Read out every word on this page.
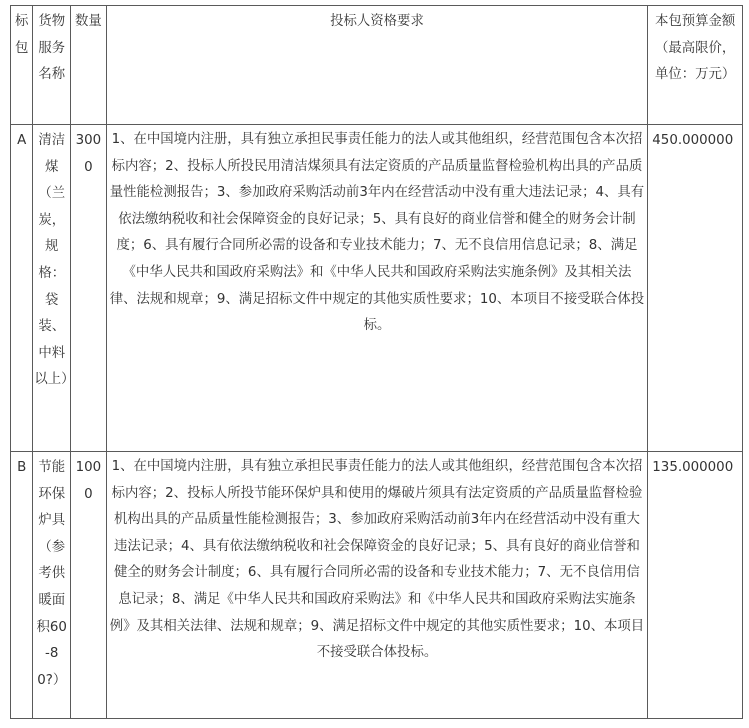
标包	货物服务名称	数量	投标人资格要求	本包预算金额（最高限价，单位：万元）
A	清洁煤（兰炭，规格：袋装、中料以上）	3000	1、在中国境内注册，具有独立承担民事责任能力的法人或其他组织，经营范围包含本次招标内容；2、投标人所投民用清洁煤须具有法定资质的产品质量监督检验机构出具的产品质量性能检测报告；3、参加政府采购活动前3年内在经营活动中没有重大违法记录；4、具有依法缴纳税收和社会保障资金的良好记录；5、具有良好的商业信誉和健全的财务会计制度；6、具有履行合同所必需的设备和专业技术能力；7、无不良信用信息记录；8、满足《中华人民共和国政府采购法》和《中华人民共和国政府采购法实施条例》及其相关法律、法规和规章；9、满足招标文件中规定的其他实质性要求；10、本项目不接受联合体投标。	450.000000
B	节能环保炉具（参考供暖面积60-80?）	1000	1、在中国境内注册，具有独立承担民事责任能力的法人或其他组织，经营范围包含本次招标内容；2、投标人所投节能环保炉具和使用的爆破片须具有法定资质的产品质量监督检验机构出具的产品质量性能检测报告；3、参加政府采购活动前3年内在经营活动中没有重大违法记录；4、具有依法缴纳税收和社会保障资金的良好记录；5、具有良好的商业信誉和健全的财务会计制度；6、具有履行合同所必需的设备和专业技术能力；7、无不良信用信息记录；8、满足《中华人民共和国政府采购法》和《中华人民共和国政府采购法实施条例》及其相关法律、法规和规章；9、满足招标文件中规定的其他实质性要求；10、本项目不接受联合体投标。	135.000000
